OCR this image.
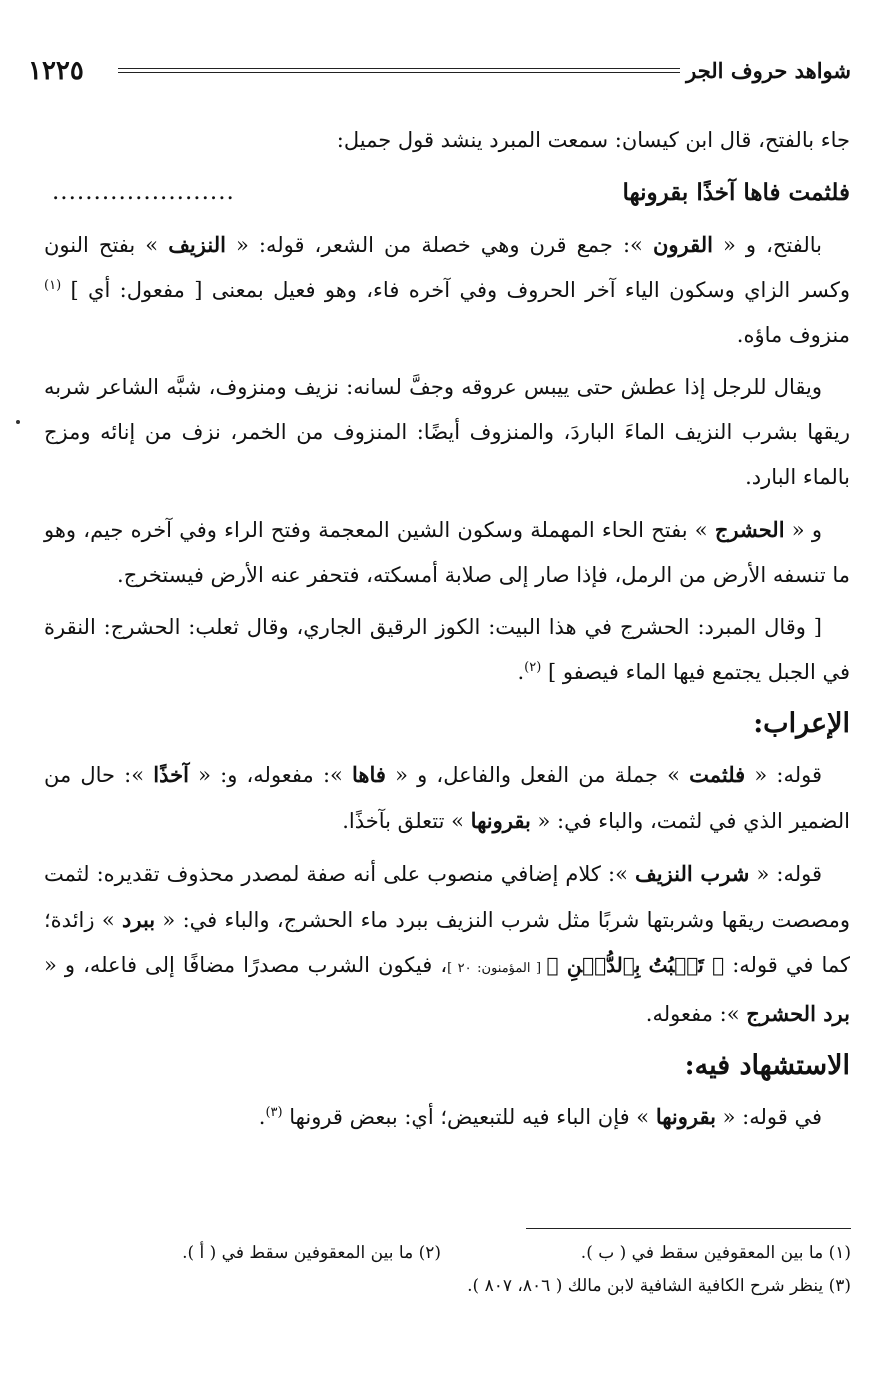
شواهد حروف الجر
١٢٢٥

جاء بالفتح، قال ابن كيسان: سمعت المبرد ينشد قول جميل:

فلثمت فاها آخذًا بقرونها
......................

بالفتح، و « القرون »: جمع قرن وهي خصلة من الشعر، قوله: « النزيف » بفتح النون وكسر الزاي وسكون الياء آخر الحروف وفي آخره فاء، وهو فعيل بمعنى [ مفعول: أي ] $^{(١)}$ منزوف ماؤه.

ويقال للرجل إذا عطش حتى ييبس عروقه وجفَّ لسانه: نزيف ومنزوف، شبَّه الشاعر شربه ريقها بشرب النزيف الماءَ الباردَ، والمنزوف أيضًا: المنزوف من الخمر، نزف من إنائه ومزج بالماء البارد.

و « الحشرج » بفتح الحاء المهملة وسكون الشين المعجمة وفتح الراء وفي آخره جيم، وهو ما تنسفه الأرض من الرمل، فإذا صار إلى صلابة أمسكته، فتحفر عنه الأرض فيستخرج.

[ وقال المبرد: الحشرج في هذا البيت: الكوز الرقيق الجاري، وقال ثعلب: الحشرج: النقرة في الجبل يجتمع فيها الماء فيصفو ] $^{(٢)}$.

الإعراب:

قوله: « فلثمت » جملة من الفعل والفاعل، و « فاها »: مفعوله، و: « آخذًا »: حال من الضمير الذي في لثمت، والباء في: « بقرونها » تتعلق بآخذًا.

قوله: « شرب النزيف »: كلام إضافي منصوب على أنه صفة لمصدر محذوف تقديره: لثمت ومصصت ريقها وشربتها شربًا مثل شرب النزيف ببرد ماء الحشرج، والباء في: « ببرد » زائدة؛ كما في قوله: ﴿ تَنۢبُتُ بِٱلدُّهۡنِ ﴾ [ المؤمنون: ٢٠ ]، فيكون الشرب مصدرًا مضافًا إلى فاعله، و « برد الحشرج »: مفعوله.

الاستشهاد فيه:

في قوله: « بقرونها » فإن الباء فيه للتبعيض؛ أي: ببعض قرونها $^{(٣)}$.

(١) ما بين المعقوفين سقط في ( ب ).
(٢) ما بين المعقوفين سقط في ( أ ).
(٣) ينظر شرح الكافية الشافية لابن مالك ( ٨٠٦، ٨٠٧ ).
